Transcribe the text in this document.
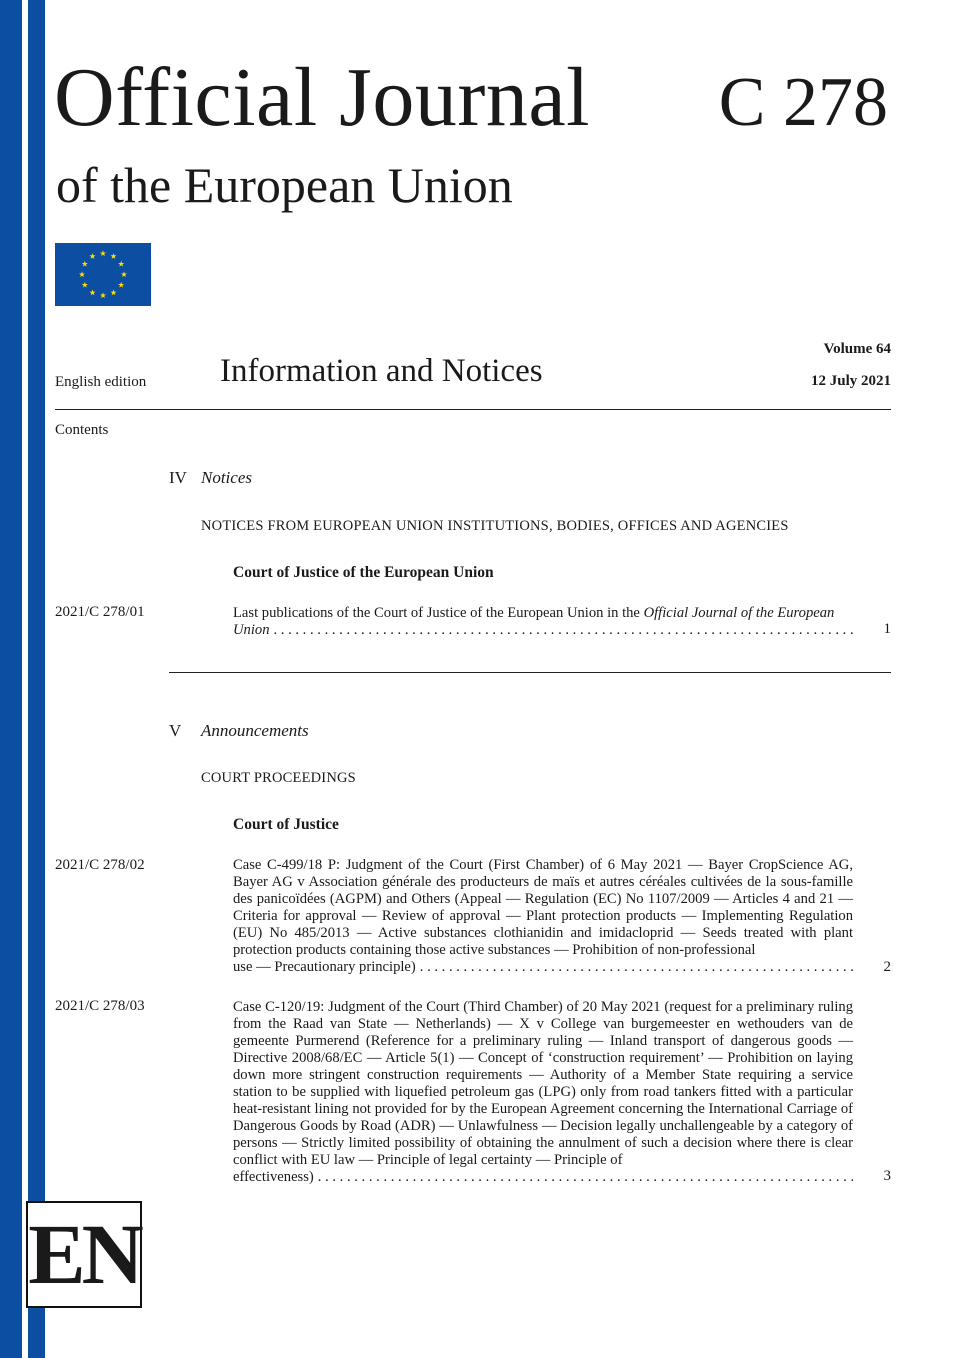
Official Journal
of the European Union
C 278
English edition Information and Notices
Volume 64
12 July 2021
Contents
IV Notices
NOTICES FROM EUROPEAN UNION INSTITUTIONS, BODIES, OFFICES AND AGENCIES
Court of Justice of the European Union
2021/C 278/01	Last publications of the Court of Justice of the European Union in the Official Journal of the European
Union . . .	1
V Announcements
COURT PROCEEDINGS
Court of Justice
2021/C 278/02	Case C-499/18 P: Judgment of the Court (First Chamber) of 6 May 2021 — Bayer CropScience AG, Bayer AG v Association générale des producteurs de maïs et autres céréales cultivées de la sous-famille des panicoïdées (AGPM) and Others (Appeal — Regulation (EC) No 1107/2009 — Articles 4 and 21 — Criteria for approval — Review of approval — Plant protection products — Implementing Regulation (EU) No 485/2013 — Active substances clothianidin and imidacloprid — Seeds treated with plant protection products containing those active substances — Prohibition of non-professional
use — Precautionary principle) . . .	2
2021/C 278/03	Case C-120/19: Judgment of the Court (Third Chamber) of 20 May 2021 (request for a preliminary ruling from the Raad van State — Netherlands) — X v College van burgemeester en wethouders van de gemeente Purmerend (Reference for a preliminary ruling — Inland transport of dangerous goods — Directive 2008/68/EC — Article 5(1) — Concept of ‘construction requirement’ — Prohibition on laying down more stringent construction requirements — Authority of a Member State requiring a service station to be supplied with liquefied petroleum gas (LPG) only from road tankers fitted with a particular heat-resistant lining not provided for by the European Agreement concerning the International Carriage of Dangerous Goods by Road (ADR) — Unlawfulness — Decision legally unchallengeable by a category of persons — Strictly limited possibility of obtaining the annulment of such a decision where there is clear conflict with EU law — Principle of legal certainty — Principle of
effectiveness) . . .	3
EN
